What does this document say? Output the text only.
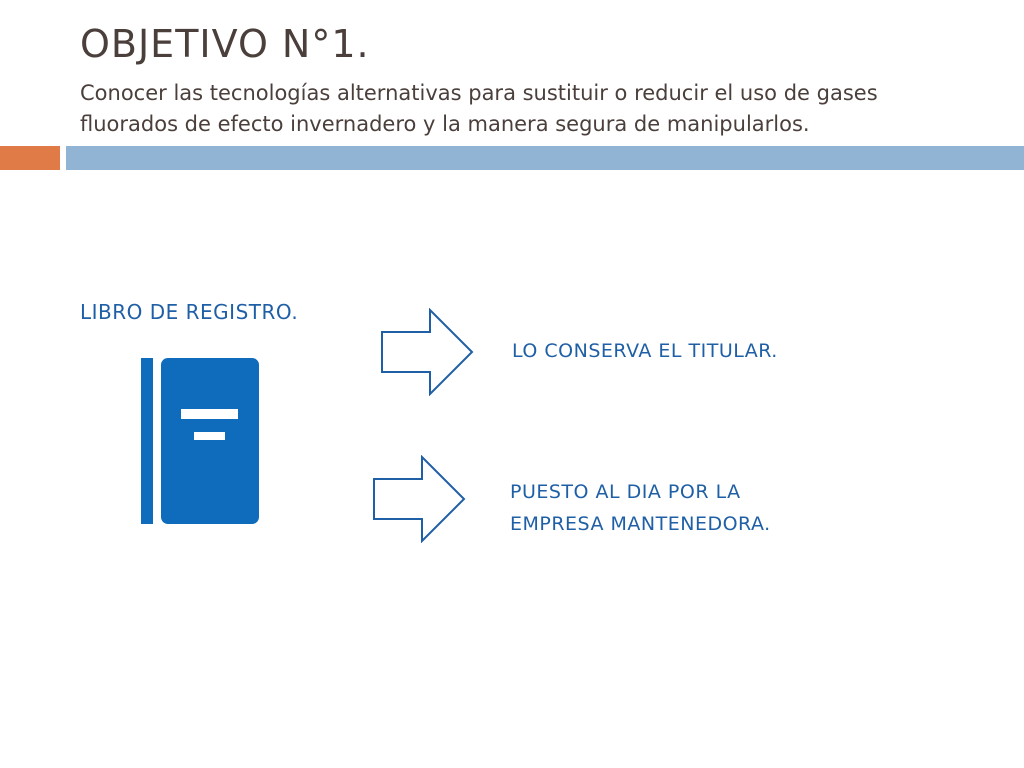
OBJETIVO N°1.
Conocer las tecnologías alternativas para sustituir o reducir el uso de gases fluorados de efecto invernadero y la manera segura de manipularlos.
LIBRO DE REGISTRO.
LO CONSERVA EL TITULAR.
PUESTO AL DIA POR LA EMPRESA MANTENEDORA.
